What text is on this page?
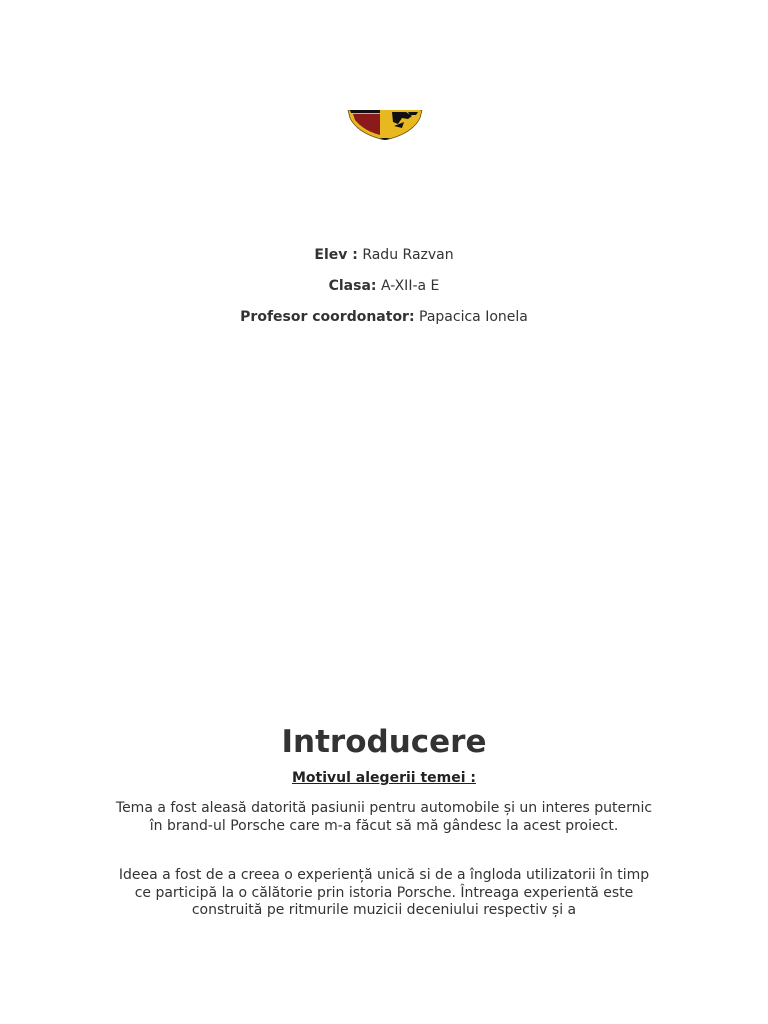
Elev : Radu Razvan
Clasa: A-XII-a E
Profesor coordonator: Papacica Ionela
Introducere
Motivul alegerii temei :

Tema a fost aleasă datorită pasiunii pentru automobile și un interes puternic în brand-ul Porsche care m-a făcut să mă gândesc la acest proiect.

Ideea a fost de a creea o experiență unică si de a îngloda utilizatorii în timp ce participă la o călătorie prin istoria Porsche. Întreaga experientă este construită pe ritmurile muzicii deceniului respectiv și a
